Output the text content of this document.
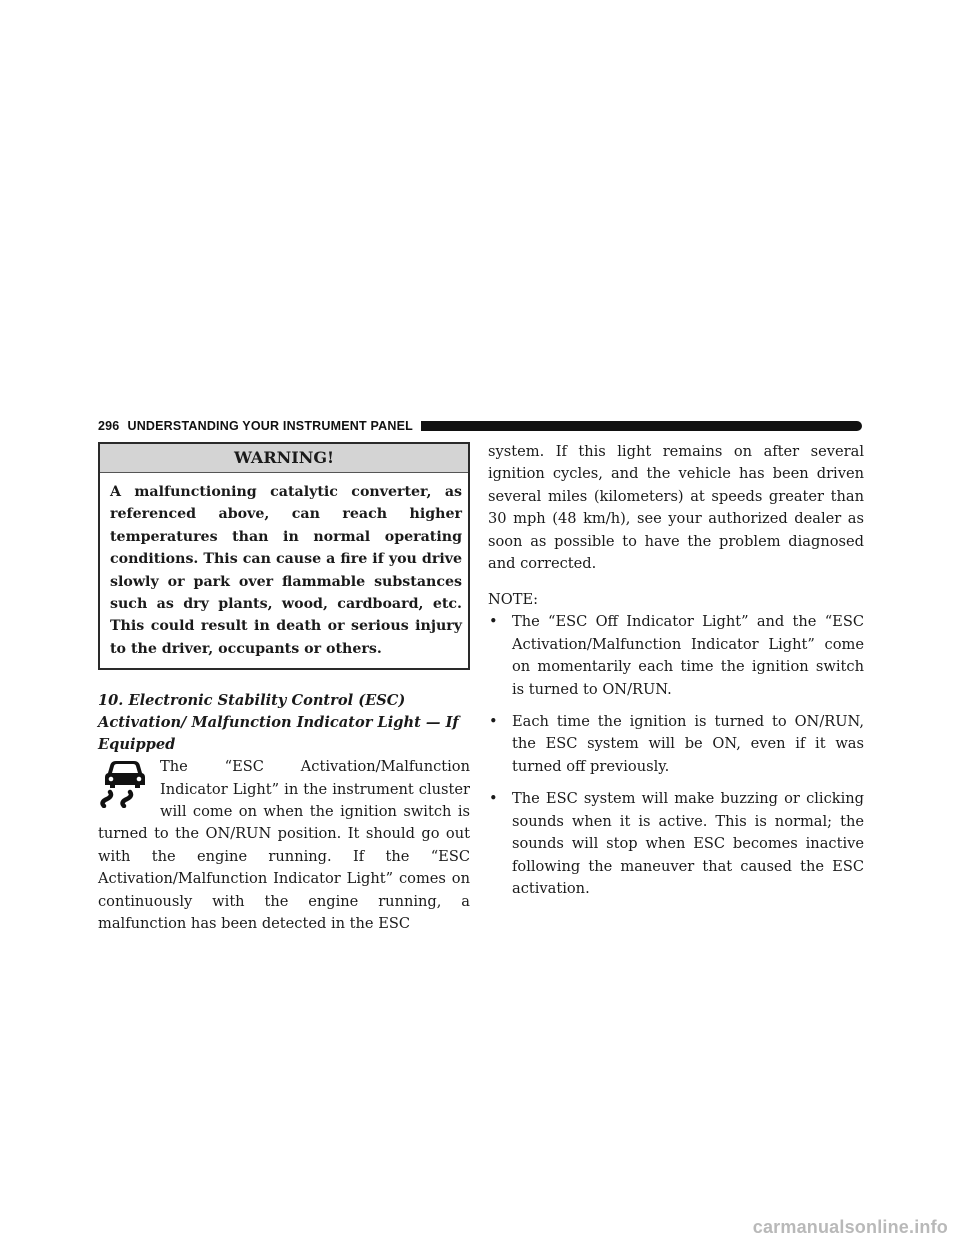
296 UNDERSTANDING YOUR INSTRUMENT PANEL
WARNING!
A malfunctioning catalytic converter, as referenced above, can reach higher temperatures than in normal operating conditions. This can cause a fire if you drive slowly or park over flammable substances such as dry plants, wood, cardboard, etc. This could result in death or serious injury to the driver, occupants or others.
10. Electronic Stability Control (ESC) Activation/ Malfunction Indicator Light — If Equipped
The “ESC Activation/Malfunction Indicator Light” in the instrument cluster will come on when the ignition switch is turned to the ON/RUN position. It should go out with the engine running. If the “ESC Activation/Malfunction Indicator Light” comes on continuously with the engine running, a malfunction has been detected in the ESC
system. If this light remains on after several ignition cycles, and the vehicle has been driven several miles (kilometers) at speeds greater than 30 mph (48 km/h), see your authorized dealer as soon as possible to have the problem diagnosed and corrected.
NOTE:
• The “ESC Off Indicator Light” and the “ESC Activation/Malfunction Indicator Light” come on momentarily each time the ignition switch is turned to ON/RUN.
• Each time the ignition is turned to ON/RUN, the ESC system will be ON, even if it was turned off previously.
• The ESC system will make buzzing or clicking sounds when it is active. This is normal; the sounds will stop when ESC becomes inactive following the maneuver that caused the ESC activation.
carmanualsonline.info
